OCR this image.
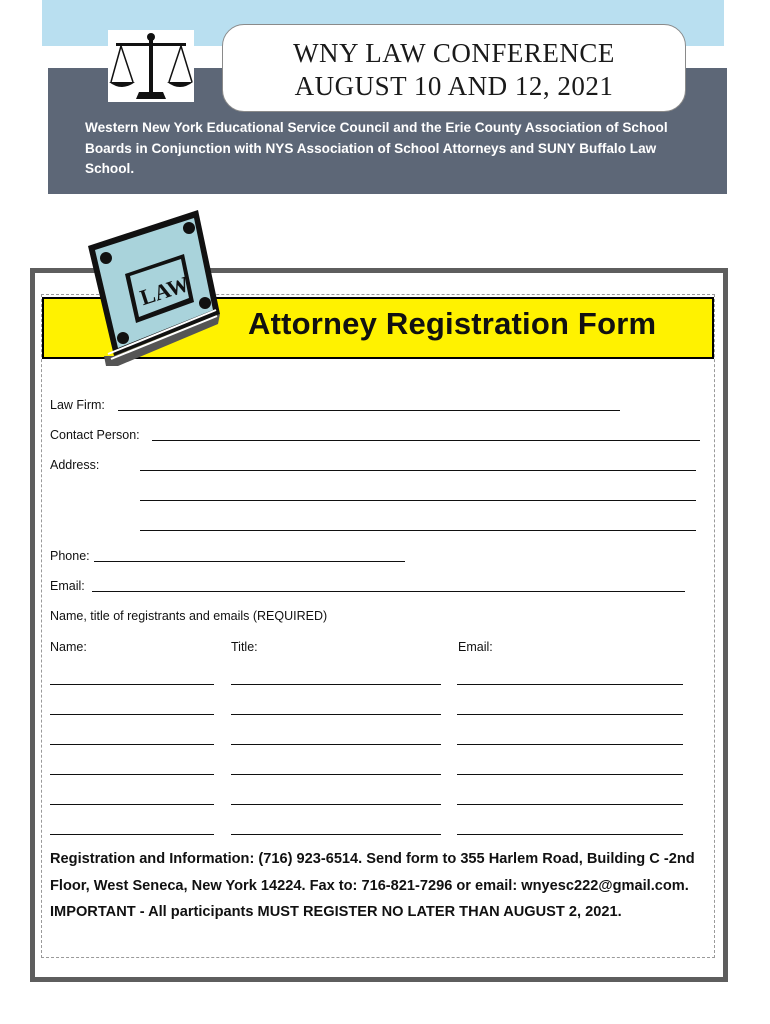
WNY LAW CONFERENCE
AUGUST 10 AND 12, 2021
Western New York Educational Service Council and the Erie County Association of School Boards in Conjunction with NYS Association of School Attorneys and SUNY Buffalo Law School.
Attorney Registration Form
LAW
Law Firm:
Contact Person:
Address:
Phone:
Email:
Name, title of registrants and emails (REQUIRED)
Name:	Title:	Email:
Registration and Information: (716) 923-6514. Send form to 355 Harlem Road, Building C -2nd Floor, West Seneca, New York 14224. Fax to: 716-821-7296 or email: wnyesc222@gmail.com. IMPORTANT - All participants MUST REGISTER NO LATER THAN AUGUST 2, 2021.
